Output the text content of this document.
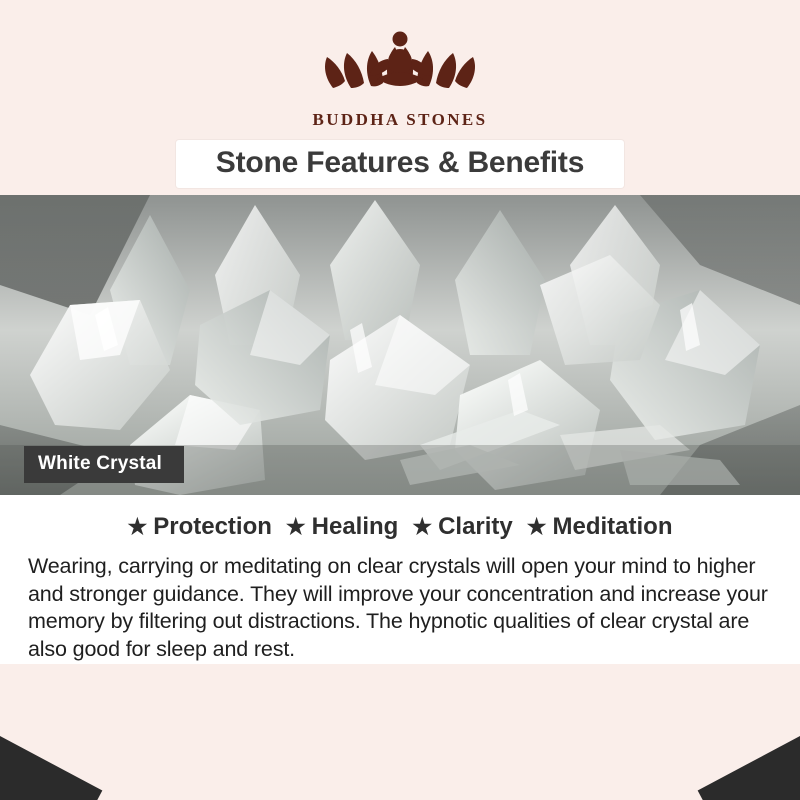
BUDDHA STONES
Stone Features & Benefits
White Crystal
★ Protection ★ Healing ★ Clarity ★ Meditation

Wearing, carrying or meditating on clear crystals will open your mind to higher and stronger guidance. They will improve your concentration and increase your memory by filtering out distractions. The hypnotic qualities of clear crystal are also good for sleep and rest.
